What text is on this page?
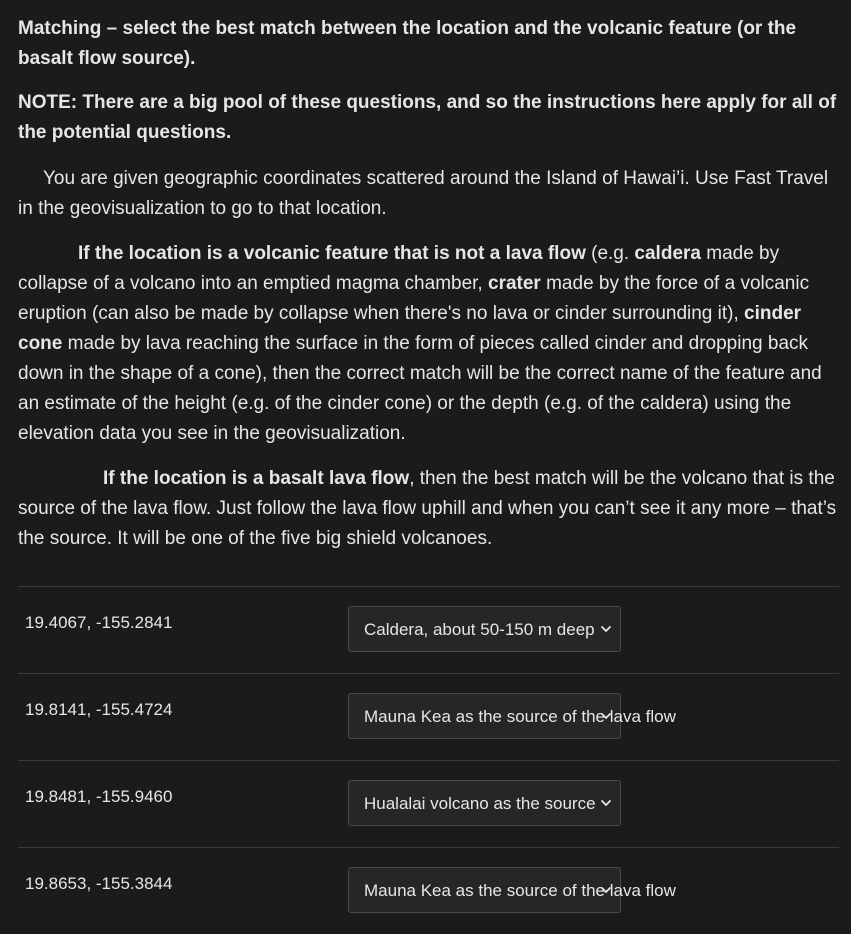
Matching – select the best match between the location and the volcanic feature (or the basalt flow source).

NOTE: There are a big pool of these questions, and so the instructions here apply for all of the potential questions.

You are given geographic coordinates scattered around the Island of Hawai’i. Use Fast Travel in the geovisualization to go to that location.

If the location is a volcanic feature that is not a lava flow (e.g. caldera made by collapse of a volcano into an emptied magma chamber, crater made by the force of a volcanic eruption (can also be made by collapse when there's no lava or cinder surrounding it), cinder cone made by lava reaching the surface in the form of pieces called cinder and dropping back down in the shape of a cone), then the correct match will be the correct name of the feature and an estimate of the height (e.g. of the cinder cone) or the depth (e.g. of the caldera) using the elevation data you see in the geovisualization.

If the location is a basalt lava flow, then the best match will be the volcano that is the source of the lava flow. Just follow the lava flow uphill and when you can’t see it any more – that’s the source. It will be one of the five big shield volcanoes.

19.4067, -155.2841	Caldera, about 50-150 m deep
19.8141, -155.4724	Mauna Kea as the source of the lava flow
19.8481, -155.9460	Hualalai volcano as the source
19.8653, -155.3844	Mauna Kea as the source of the lava flow
